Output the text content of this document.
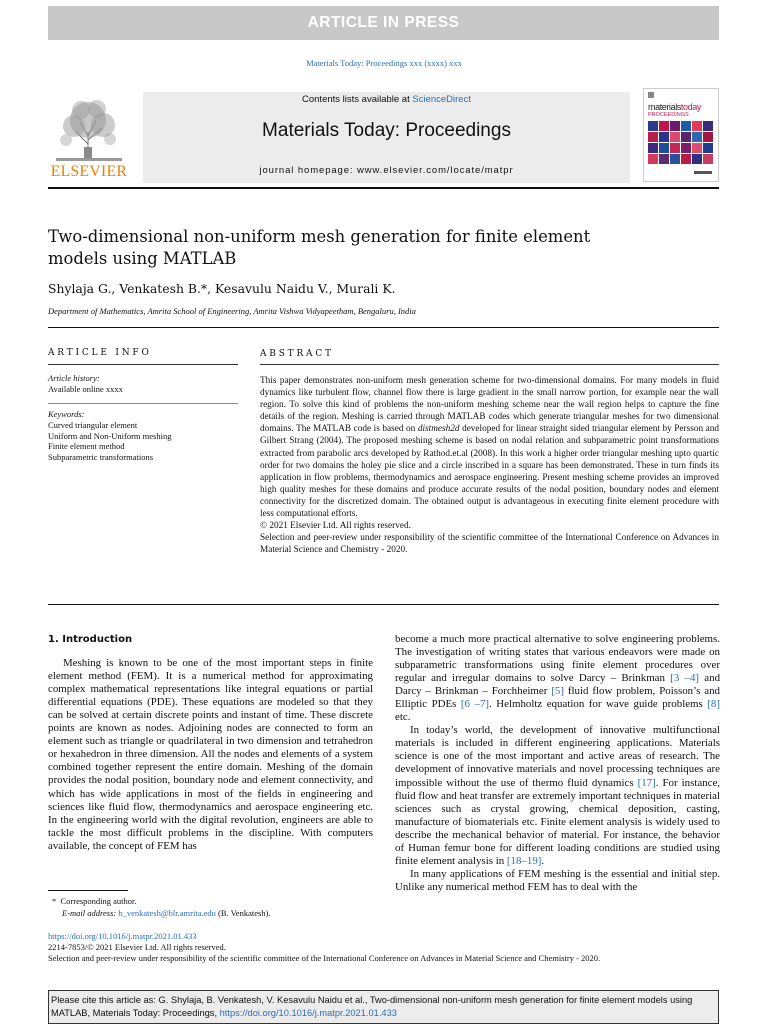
ARTICLE IN PRESS
Materials Today: Proceedings xxx (xxxx) xxx
ELSEVIER
Contents lists available at ScienceDirect
Materials Today: Proceedings
journal homepage: www.elsevier.com/locate/matpr
materialstoday
PROCEEDINGS
Two-dimensional non-uniform mesh generation for finite element models using MATLAB
Shylaja G., Venkatesh B.*, Kesavulu Naidu V., Murali K.
Department of Mathematics, Amrita School of Engineering, Amrita Vishwa Vidyapeetham, Bengaluru, India
ARTICLE INFO
Article history:
Available online xxxx
Keywords:
Curved triangular element
Uniform and Non-Uniform meshing
Finite element method
Subparametric transformations
ABSTRACT

This paper demonstrates non-uniform mesh generation scheme for two-dimensional domains. For many models in fluid dynamics like turbulent flow, channel flow there is large gradient in the small narrow portion, for example near the wall region. To solve this kind of problems the non-uniform meshing scheme near the wall region helps to capture the fine details of the region. Meshing is carried through MATLAB codes which generate triangular meshes for two dimensional domains. The MATLAB code is based on distmesh2d developed for linear straight sided triangular element by Persson and Gilbert Strang (2004). The proposed meshing scheme is based on nodal relation and subparametric point transformations extracted from parabolic arcs developed by Rathod.et.al (2008). In this work a higher order triangular meshing upto quartic order for two domains the holey pie slice and a circle inscribed in a square has been demonstrated. These in turn finds its application in flow problems, thermodynamics and aerospace engineering. Present meshing scheme provides an improved high quality meshes for these domains and produce accurate results of the nodal position, boundary nodes and element connectivity for the discretized domain. The obtained output is advantageous in executing finite element procedure with less computational efforts.

© 2021 Elsevier Ltd. All rights reserved.

Selection and peer-review under responsibility of the scientific committee of the International Conference on Advances in Material Science and Chemistry - 2020.

1. Introduction

Meshing is known to be one of the most important steps in finite element method (FEM). It is a numerical method for approximating complex mathematical representations like integral equations or partial differential equations (PDE). These equations are modeled so that they can be solved at certain discrete points and instant of time. These discrete points are known as nodes. Adjoining nodes are connected to form an element such as triangle or quadrilateral in two dimension and tetrahedron or hexahedron in three dimension. All the nodes and elements of a system combined together represent the entire domain. Meshing of the domain provides the nodal position, boundary node and element connectivity, and which has wide applications in most of the fields in engineering and sciences like fluid flow, thermodynamics and aerospace engineering etc. In the engineering world with the digital revolution, engineers are able to tackle the most difficult problems in the discipline. With computers available, the concept of FEM has

become a much more practical alternative to solve engineering problems. The investigation of writing states that various endeavors were made on subparametric transformations using finite element procedures over regular and irregular domains to solve Darcy – Brinkman [3 –4] and Darcy – Brinkman – Forchheimer [5] fluid flow problem, Poisson’s and Elliptic PDEs [6 –7]. Helmholtz equation for wave guide problems [8] etc.

In today’s world, the development of innovative multifunctional materials is included in different engineering applications. Materials science is one of the most important and active areas of research. The development of innovative materials and novel processing techniques are impossible without the use of thermo fluid dynamics [17]. For instance, fluid flow and heat transfer are extremely important techniques in material sciences such as crystal growing, chemical deposition, casting, manufacture of biomaterials etc. Finite element analysis is widely used to describe the mechanical behavior of material. For instance, the behavior of Human femur bone for different loading conditions are studied using finite element analysis in [18–19].

In many applications of FEM meshing is the essential and initial step. Unlike any numerical method FEM has to deal with the

* Corresponding author.
E-mail address: b_venkatesh@blr.amrita.edu (B. Venkatesh).
https://doi.org/10.1016/j.matpr.2021.01.433
2214-7853/© 2021 Elsevier Ltd. All rights reserved.
Selection and peer-review under responsibility of the scientific committee of the International Conference on Advances in Material Science and Chemistry - 2020.
Please cite this article as: G. Shylaja, B. Venkatesh, V. Kesavulu Naidu et al., Two-dimensional non-uniform mesh generation for finite element models using MATLAB, Materials Today: Proceedings, https://doi.org/10.1016/j.matpr.2021.01.433
